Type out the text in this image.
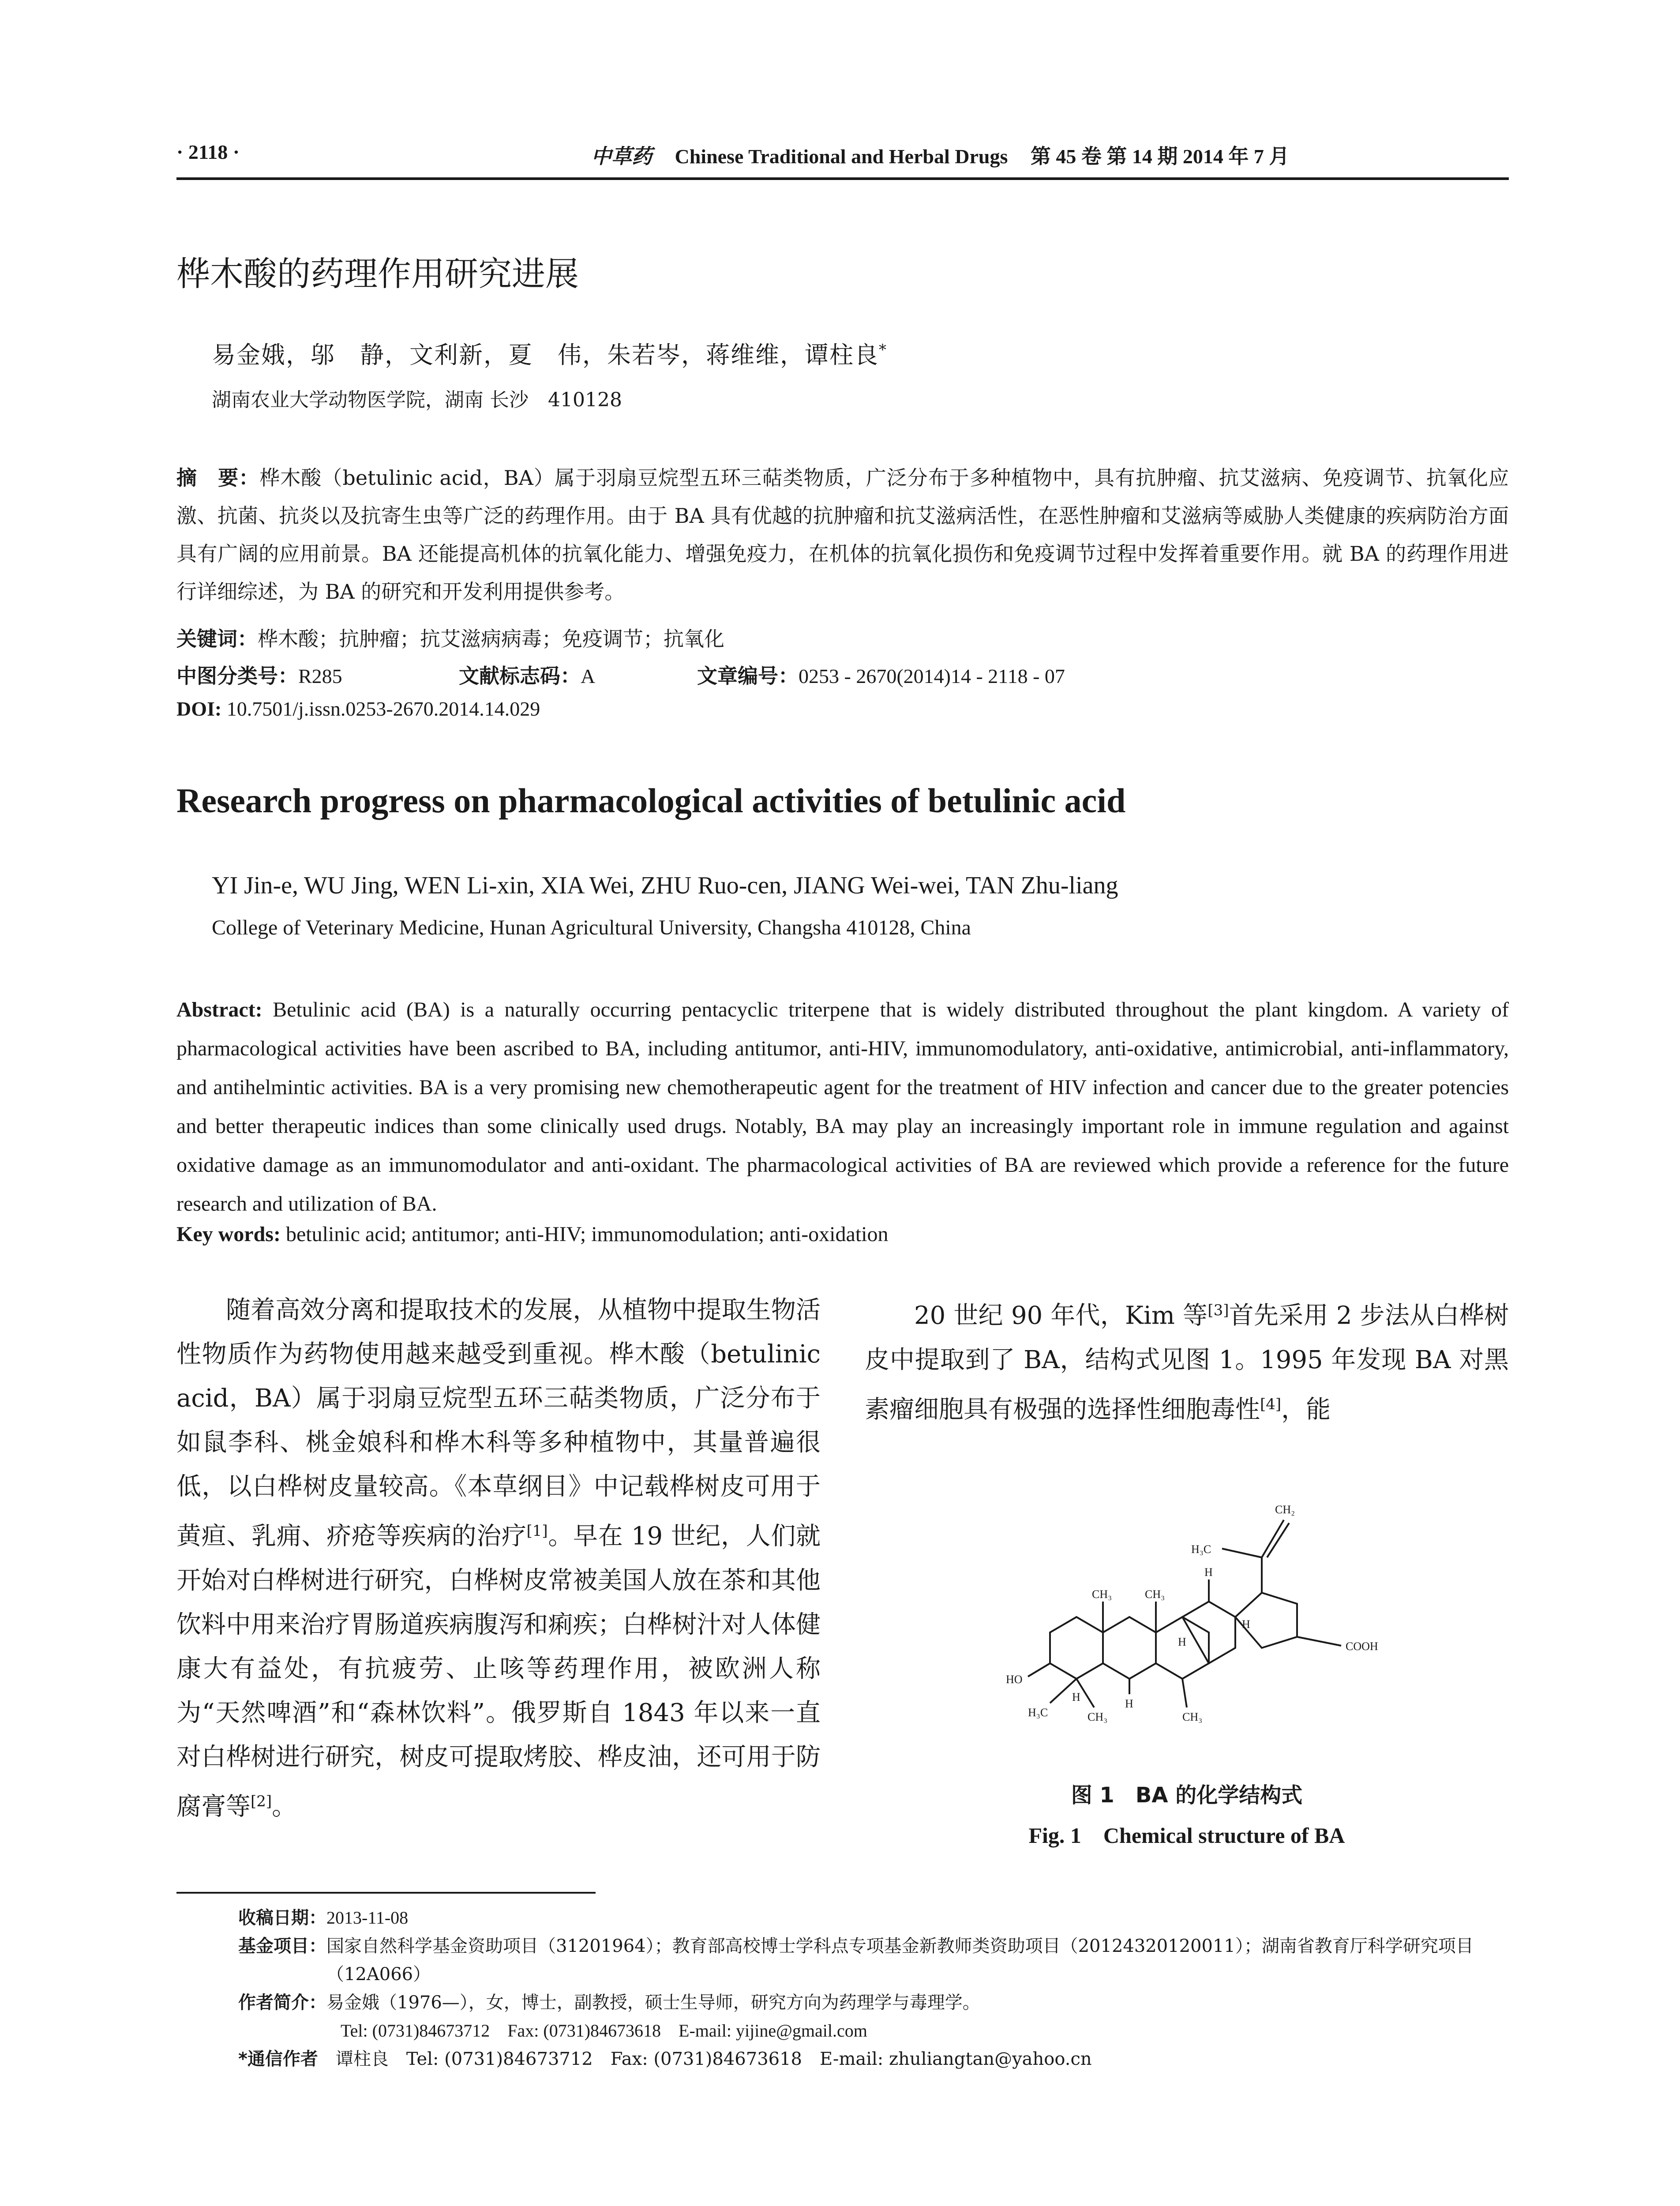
· 2118 ·	中草药 Chinese Traditional and Herbal Drugs 第 45 卷 第 14 期 2014 年 7 月
桦木酸的药理作用研究进展
易金娥，邬　静，文利新，夏　伟，朱若岑，蒋维维，谭柱良*
湖南农业大学动物医学院，湖南 长沙　410128
摘　要：桦木酸（betulinic acid，BA）属于羽扇豆烷型五环三萜类物质，广泛分布于多种植物中，具有抗肿瘤、抗艾滋病、免疫调节、抗氧化应激、抗菌、抗炎以及抗寄生虫等广泛的药理作用。由于 BA 具有优越的抗肿瘤和抗艾滋病活性，在恶性肿瘤和艾滋病等威胁人类健康的疾病防治方面具有广阔的应用前景。BA 还能提高机体的抗氧化能力、增强免疫力，在机体的抗氧化损伤和免疫调节过程中发挥着重要作用。就 BA 的药理作用进行详细综述，为 BA 的研究和开发利用提供参考。
关键词：桦木酸；抗肿瘤；抗艾滋病病毒；免疫调节；抗氧化
中图分类号：R285	文献标志码：A	文章编号：0253 - 2670(2014)14 - 2118 - 07
DOI: 10.7501/j.issn.0253-2670.2014.14.029
Research progress on pharmacological activities of betulinic acid
YI Jin-e, WU Jing, WEN Li-xin, XIA Wei, ZHU Ruo-cen, JIANG Wei-wei, TAN Zhu-liang
College of Veterinary Medicine, Hunan Agricultural University, Changsha 410128, China
Abstract: Betulinic acid (BA) is a naturally occurring pentacyclic triterpene that is widely distributed throughout the plant kingdom. A variety of pharmacological activities have been ascribed to BA, including antitumor, anti-HIV, immunomodulatory, anti-oxidative, antimicrobial, anti-inflammatory, and antihelmintic activities. BA is a very promising new chemotherapeutic agent for the treatment of HIV infection and cancer due to the greater potencies and better therapeutic indices than some clinically used drugs. Notably, BA may play an increasingly important role in immune regulation and against oxidative damage as an immunomodulator and anti-oxidant. The pharmacological activities of BA are reviewed which provide a reference for the future research and utilization of BA.
Key words: betulinic acid; antitumor; anti-HIV; immunomodulation; anti-oxidation
随着高效分离和提取技术的发展，从植物中提取生物活性物质作为药物使用越来越受到重视。桦木酸（betulinic acid，BA）属于羽扇豆烷型五环三萜类物质，广泛分布于如鼠李科、桃金娘科和桦木科等多种植物中，其量普遍很低，以白桦树皮量较高。《本草纲目》中记载桦树皮可用于黄疸、乳痈、疥疮等疾病的治疗[1]。早在 19 世纪，人们就开始对白桦树进行研究，白桦树皮常被美国人放在茶和其他饮料中用来治疗胃肠道疾病腹泻和痢疾；白桦树汁对人体健康大有益处，有抗疲劳、止咳等药理作用，被欧洲人称为“天然啤酒”和“森林饮料”。俄罗斯自 1843 年以来一直对白桦树进行研究，树皮可提取烤胶、桦皮油，还可用于防腐膏等[2]。
20 世纪 90 年代，Kim 等[3]首先采用 2 步法从白桦树皮中提取到了 BA，结构式见图 1。1995 年发现 BA 对黑素瘤细胞具有极强的选择性细胞毒性[4]，能
CH₂
H₃C
H
CH₃	CH₃
H
H
COOH
H
CH₃
HO
H₃C
H
CH₃
图 1　BA 的化学结构式
Fig. 1　Chemical structure of BA
收稿日期：2013-11-08
基金项目：国家自然科学基金资助项目（31201964）；教育部高校博士学科点专项基金新教师类资助项目（20124320120011）；湖南省教育厅科学研究项目（12A066）
作者简介：易金娥（1976—），女，博士，副教授，硕士生导师，研究方向为药理学与毒理学。
Tel: (0731)84673712　Fax: (0731)84673618　E-mail: yijine@gmail.com
*通信作者　 谭柱良　Tel: (0731)84673712　Fax: (0731)84673618　E-mail: zhuliangtan@yahoo.cn
